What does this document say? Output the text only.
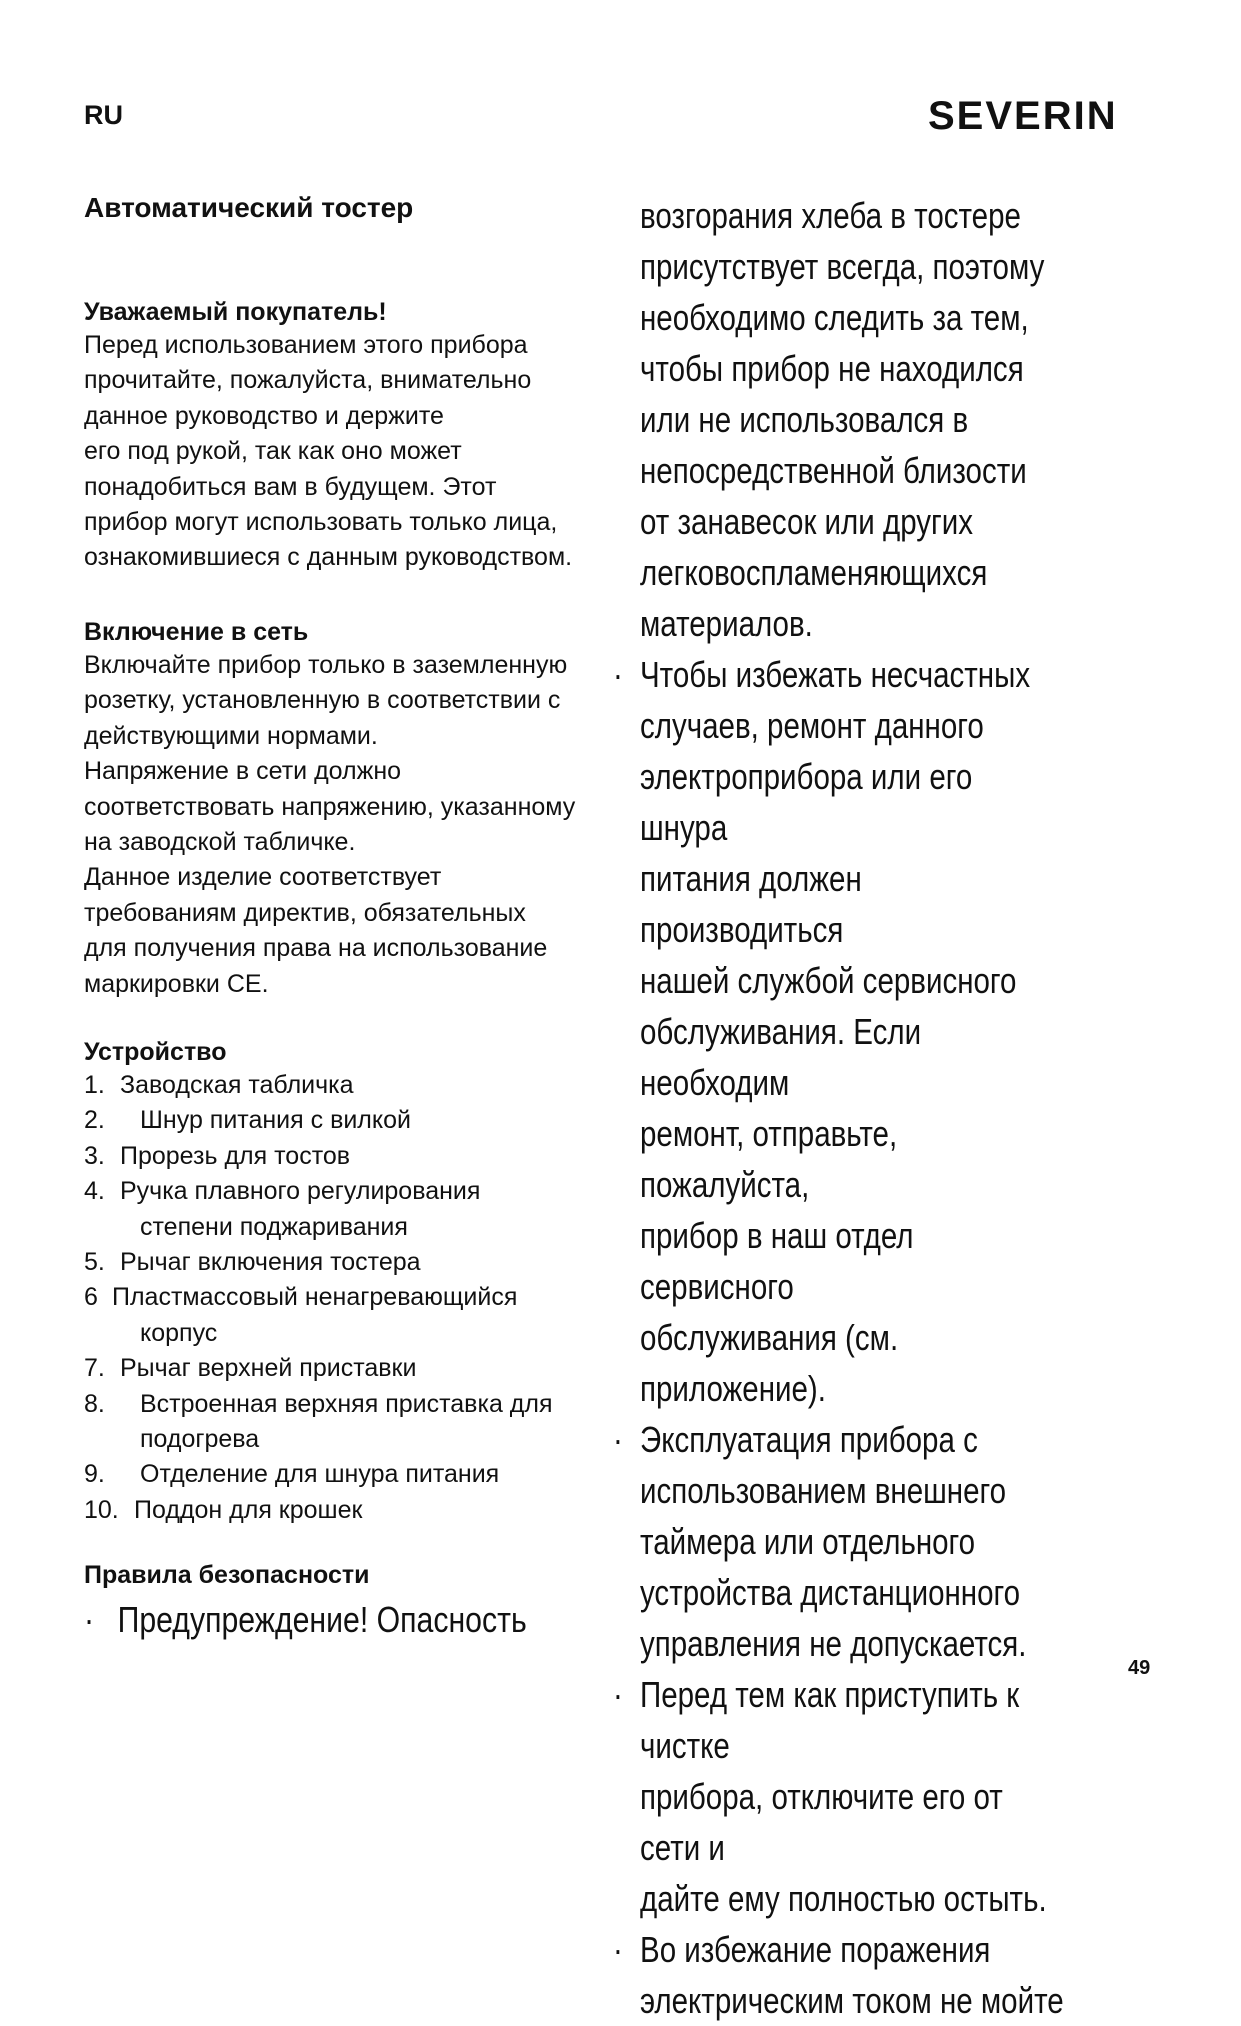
RU	SEVERIN
Автоматический тостер
Уважаемый покупатель!
Перед использованием этого прибора
прочитайте, пожалуйста, внимательно
данное руководство и держите
его под рукой, так как оно может
понадобиться вам в будущем. Этот
прибор могут использовать только лица,
ознакомившиеся с данным руководством.
Включение в сеть
Включайте прибор только в заземленную
розетку, установленную в соответствии с
действующими нормами.
Напряжение в сети должно
соответствовать напряжению, указанному
на заводской табличке.
Данное изделие соответствует
требованиям директив, обязательных
для получения права на использование
маркировки CE.
Устройство
1. Заводская табличка
2. Шнур питания с вилкой
3. Прорезь для тостов
4. Ручка плавного регулирования
степени поджаривания
5. Рычаг включения тостера
6 Пластмассовый ненагревающийся
корпус
7. Рычаг верхней приставки
8. Встроенная верхняя приставка для
подогрева
9. Отделение для шнура питания
10. Поддон для крошек
Правила безопасности
· Предупреждение! Опасность
возгорания хлеба в тостере
присутствует всегда, поэтому
необходимо следить за тем,
чтобы прибор не находился
или не использовался в
непосредственной близости
от занавесок или других
легковоспламеняющихся
материалов.
· Чтобы избежать несчастных
случаев, ремонт данного
электроприбора или его шнура
питания должен производиться
нашей службой сервисного
обслуживания. Если необходим
ремонт, отправьте, пожалуйста,
прибор в наш отдел сервисного
обслуживания (см. приложение).
· Эксплуатация прибора с
использованием внешнего
таймера или отдельного
устройства дистанционного
управления не допускается.
· Перед тем как приступить к чистке
прибора, отключите его от сети и
дайте ему полностью остыть.
· Во избежание поражения
электрическим током не мойте
49
